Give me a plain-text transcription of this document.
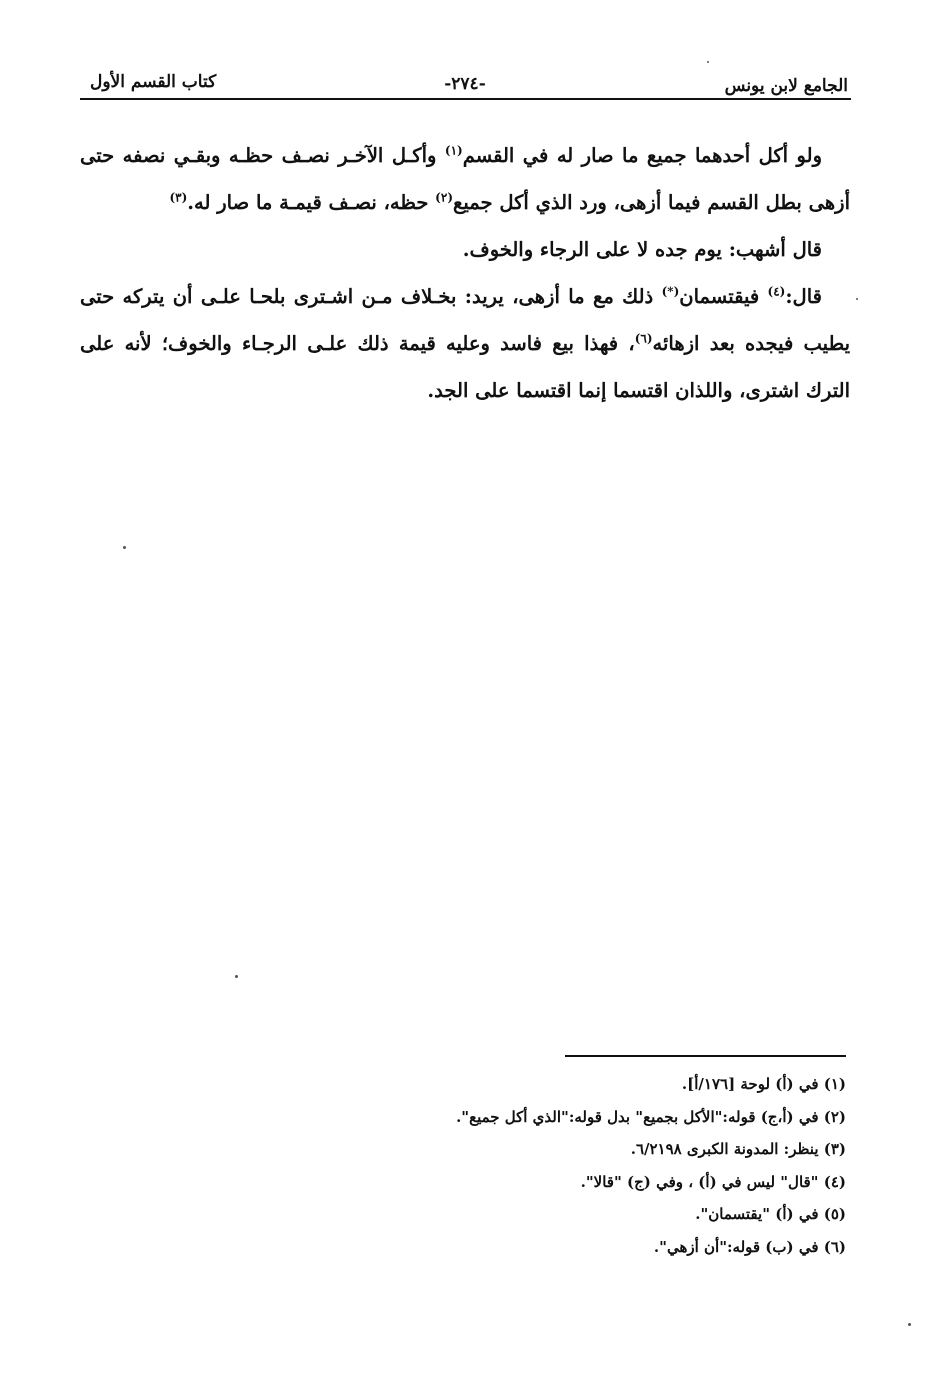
الجامع لابن يونس
-٢٧٤-
كتاب القسم الأول

ولو أكل أحدهما جميع ما صار له في القسم$^{(١)}$ وأكـل الآخـر نصـف حظـه وبقـي نصفه حتى أزهى بطل القسم فيما أزهى، ورد الذي أكل جميع$^{(٢)}$ حظه، نصـف قيمـة ما صار له.$^{(٣)}$

قال أشهب: يوم جده لا على الرجاء والخوف.

قال:$^{(٤)}$ فيقتسمان(*) ذلك مع ما أزهى، يريد: بخـلاف مـن اشـترى بلحـا علـى أن يتركه حتى يطيب فيجده بعد ازهائه$^{(٦)}$، فهذا بيع فاسد وعليه قيمة ذلك علـى الرجـاء والخوف؛ لأنه على الترك اشترى، واللذان اقتسما إنما اقتسما على الجد.

(١) في (أ) لوحة [١٧٦/أ].

(٢) في (أ،ج) قوله:"الأكل بجميع" بدل قوله:"الذي أكل جميع".

(٣) ينظر: المدونة الكبرى ٦/٢١٩٨.

(٤) "قال" ليس في (أ) ، وفي (ج) "قالا".

(٥) في (أ) "يقتسمان".

(٦) في (ب) قوله:"أن أزهي".
